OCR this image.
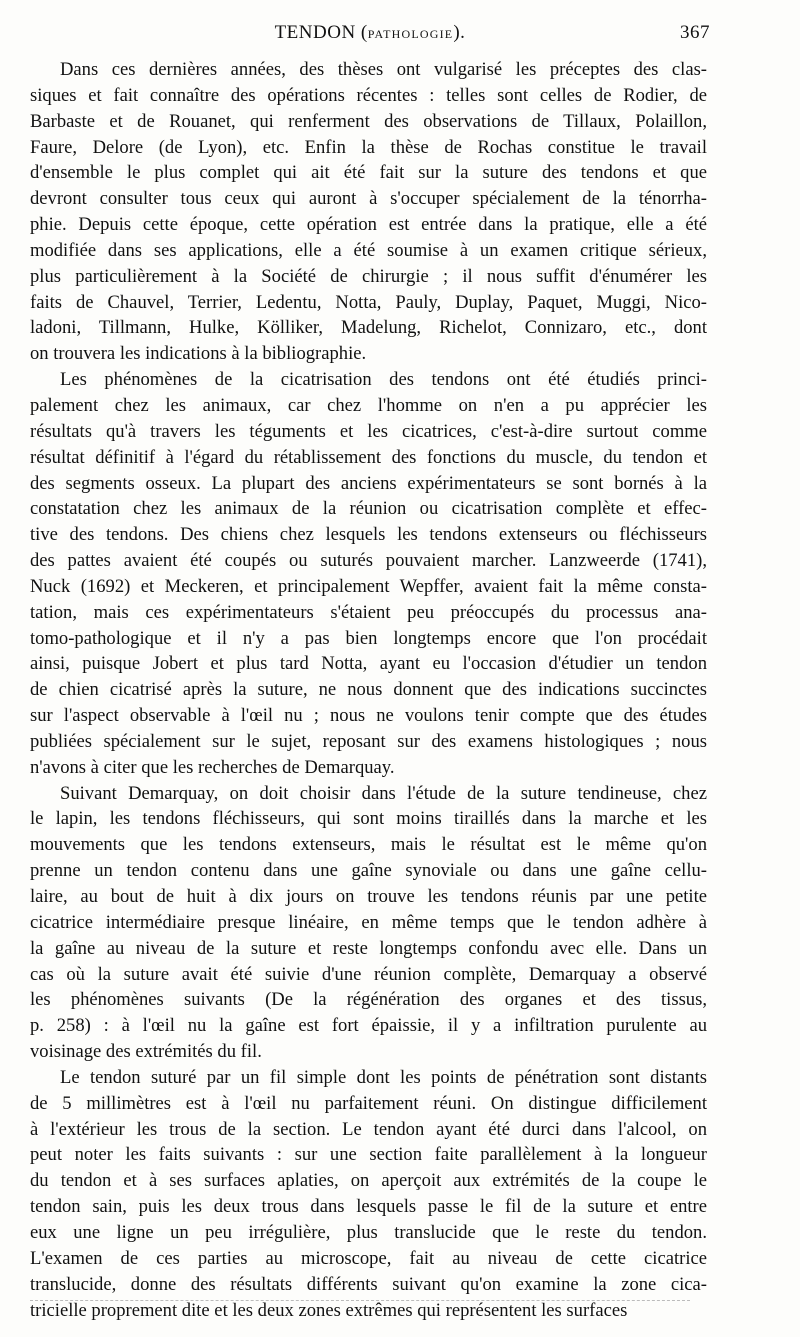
TENDON (PATHOLOGIE).	367
Dans ces dernières années, des thèses ont vulgarisé les préceptes des clas-
siques et fait connaître des opérations récentes : telles sont celles de Rodier, de
Barbaste et de Rouanet, qui renferment des observations de Tillaux, Polaillon,
Faure, Delore (de Lyon), etc. Enfin la thèse de Rochas constitue le travail
d'ensemble le plus complet qui ait été fait sur la suture des tendons et que
devront consulter tous ceux qui auront à s'occuper spécialement de la ténorrha-
phie. Depuis cette époque, cette opération est entrée dans la pratique, elle a été
modifiée dans ses applications, elle a été soumise à un examen critique sérieux,
plus particulièrement à la Société de chirurgie ; il nous suffit d'énumérer les
faits de Chauvel, Terrier, Ledentu, Notta, Pauly, Duplay, Paquet, Muggi, Nico-
ladoni, Tillmann, Hulke, Kölliker, Madelung, Richelot, Connizaro, etc., dont
on trouvera les indications à la bibliographie.
Les phénomènes de la cicatrisation des tendons ont été étudiés princi-
palement chez les animaux, car chez l'homme on n'en a pu apprécier les
résultats qu'à travers les téguments et les cicatrices, c'est-à-dire surtout comme
résultat définitif à l'égard du rétablissement des fonctions du muscle, du tendon et
des segments osseux. La plupart des anciens expérimentateurs se sont bornés à la
constatation chez les animaux de la réunion ou cicatrisation complète et effec-
tive des tendons. Des chiens chez lesquels les tendons extenseurs ou fléchisseurs
des pattes avaient été coupés ou suturés pouvaient marcher. Lanzweerde (1741),
Nuck (1692) et Meckeren, et principalement Wepffer, avaient fait la même consta-
tation, mais ces expérimentateurs s'étaient peu préoccupés du processus ana-
tomo-pathologique et il n'y a pas bien longtemps encore que l'on procédait
ainsi, puisque Jobert et plus tard Notta, ayant eu l'occasion d'étudier un tendon
de chien cicatrisé après la suture, ne nous donnent que des indications succinctes
sur l'aspect observable à l'œil nu ; nous ne voulons tenir compte que des études
publiées spécialement sur le sujet, reposant sur des examens histologiques ; nous
n'avons à citer que les recherches de Demarquay.
Suivant Demarquay, on doit choisir dans l'étude de la suture tendineuse, chez
le lapin, les tendons fléchisseurs, qui sont moins tiraillés dans la marche et les
mouvements que les tendons extenseurs, mais le résultat est le même qu'on
prenne un tendon contenu dans une gaîne synoviale ou dans une gaîne cellu-
laire, au bout de huit à dix jours on trouve les tendons réunis par une petite
cicatrice intermédiaire presque linéaire, en même temps que le tendon adhère à
la gaîne au niveau de la suture et reste longtemps confondu avec elle. Dans un
cas où la suture avait été suivie d'une réunion complète, Demarquay a observé
les phénomènes suivants (De la régénération des organes et des tissus,
p. 258) : à l'œil nu la gaîne est fort épaissie, il y a infiltration purulente au
voisinage des extrémités du fil.
Le tendon suturé par un fil simple dont les points de pénétration sont distants
de 5 millimètres est à l'œil nu parfaitement réuni. On distingue difficilement
à l'extérieur les trous de la section. Le tendon ayant été durci dans l'alcool, on
peut noter les faits suivants : sur une section faite parallèlement à la longueur
du tendon et à ses surfaces aplaties, on aperçoit aux extrémités de la coupe le
tendon sain, puis les deux trous dans lesquels passe le fil de la suture et entre
eux une ligne un peu irrégulière, plus translucide que le reste du tendon.
L'examen de ces parties au microscope, fait au niveau de cette cicatrice
translucide, donne des résultats différents suivant qu'on examine la zone cica-
tricielle proprement dite et les deux zones extrêmes qui représentent les surfaces
